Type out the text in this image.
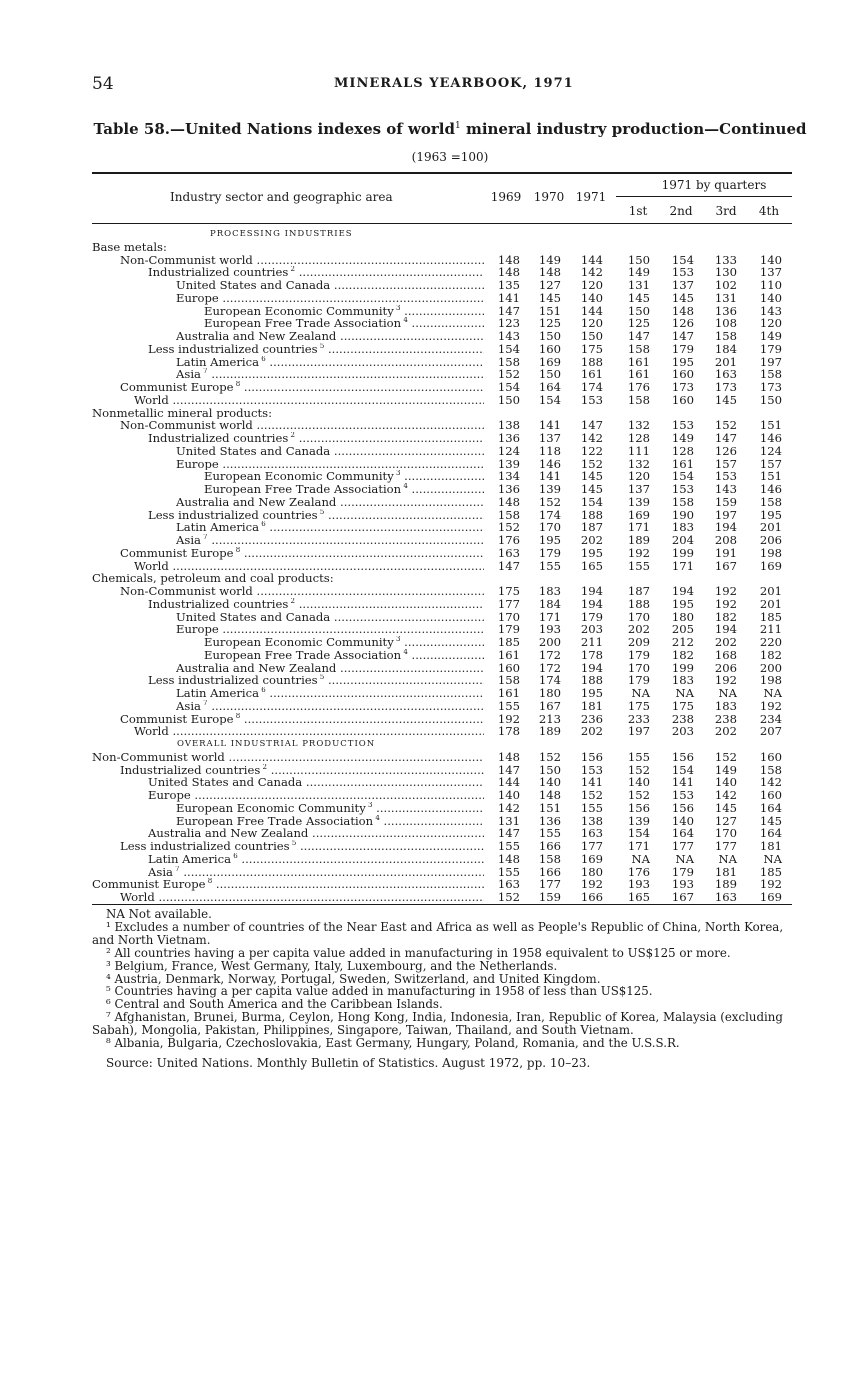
54	MINERALS YEARBOOK, 1971
Table 58.—United Nations indexes of world$^1$ mineral industry production—Continued
(1963 =100)
Industry sector and geographic area	1969	1970 1971
1971 by quarters
1st	2nd	3rd	4th
PROCESSING INDUSTRIES
Base metals:
Non-Communist world .....	148	149	144	150	154	133	140
Industrialized countries $^2$ .....	148	148	142	149	153	130	137
United States and Canada .....	135	127	120	131	137	102	110
Europe .....	141	145	140	145	145	131	140
European Economic Community $^3$ .....	147	151	144	150	148	136	143
European Free Trade Association $^4$ .....	123	125	120	125	126	108	120
Australia and New Zealand .....	143	150	150	147	147	158	149
Less industrialized countries $^5$ .....	154	160	175	158	179	184	179
Latin America $^6$ .....	158	169	188	161	195	201	197
Asia $^7$ .....	152	150	161	161	160	163	158
Communist Europe $^8$ .....	154	164	174	176	173	173	173
World .....	150	154	153	158	160	145	150
Nonmetallic mineral products:
Non-Communist world .....	138	141	147	132	153	152	151
Industrialized countries $^2$ .....	136	137	142	128	149	147	146
United States and Canada .....	124	118	122	111	128	126	124
Europe .....	139	146	152	132	161	157	157
European Economic Community $^3$ .....	134	141	145	120	154	153	151
European Free Trade Association $^4$ .....	136	139	145	137	153	143	146
Australia and New Zealand .....	148	152	154	139	158	159	158
Less industrialized countries $^5$ .....	158	174	188	169	190	197	195
Latin America $^6$ .....	152	170	187	171	183	194	201
Asia $^7$ .....	176	195	202	189	204	208	206
Communist Europe $^8$ .....	163	179	195	192	199	191	198
World .....	147	155	165	155	171	167	169
Chemicals, petroleum and coal products:
Non-Communist world .....	175	183	194	187	194	192	201
Industrialized countries $^2$ .....	177	184	194	188	195	192	201
United States and Canada .....	170	171	179	170	180	182	185
Europe .....	179	193	203	202	205	194	211
European Economic Community $^3$ .....	185	200	211	209	212	202	220
European Free Trade Association $^4$ .....	161	172	178	179	182	168	182
Australia and New Zealand .....	160	172	194	170	199	206	200
Less industrialized countries $^5$ .....	158	174	188	179	183	192	198
Latin America $^6$ .....	161	180	195	NA	NA	NA	NA
Asia $^7$ .....	155	167	181	175	175	183	192
Communist Europe $^8$ .....	192	213	236	233	238	238	234
World .....	178	189	202	197	203	202	207
OVERALL INDUSTRIAL PRODUCTION
Non-Communist world .....	148	152	156	155	156	152	160
Industrialized countries $^2$ .....	147	150	153	152	154	149	158
United States and Canada .....	144	140	141	140	141	140	142
Europe .....	140	148	152	152	153	142	160
European Economic Community $^3$ .....	142	151	155	156	156	145	164
European Free Trade Association $^4$ .....	131	136	138	139	140	127	145
Australia and New Zealand .....	147	155	163	154	164	170	164
Less industrialized countries $^5$ .....	155	166	177	171	177	177	181
Latin America $^6$ .....	148	158	169	NA	NA	NA	NA
Asia $^7$ .....	155	166	180	176	179	181	185
Communist Europe $^8$ .....	163	177	192	193	193	189	192
World .....	152	159	166	165	167	163	169
NA Not available.
¹ Excludes a number of countries of the Near East and Africa as well as People's Republic of China, North Korea, and North Vietnam.
² All countries having a per capita value added in manufacturing in 1958 equivalent to US$125 or more.
³ Belgium, France, West Germany, Italy, Luxembourg, and the Netherlands.
⁴ Austria, Denmark, Norway, Portugal, Sweden, Switzerland, and United Kingdom.
⁵ Countries having a per capita value added in manufacturing in 1958 of less than US$125.
⁶ Central and South America and the Caribbean Islands.
⁷ Afghanistan, Brunei, Burma, Ceylon, Hong Kong, India, Indonesia, Iran, Republic of Korea, Malaysia (excluding Sabah), Mongolia, Pakistan, Philippines, Singapore, Taiwan, Thailand, and South Vietnam.
⁸ Albania, Bulgaria, Czechoslovakia, East Germany, Hungary, Poland, Romania, and the U.S.S.R.
Source: United Nations. Monthly Bulletin of Statistics. August 1972, pp. 10–23.
